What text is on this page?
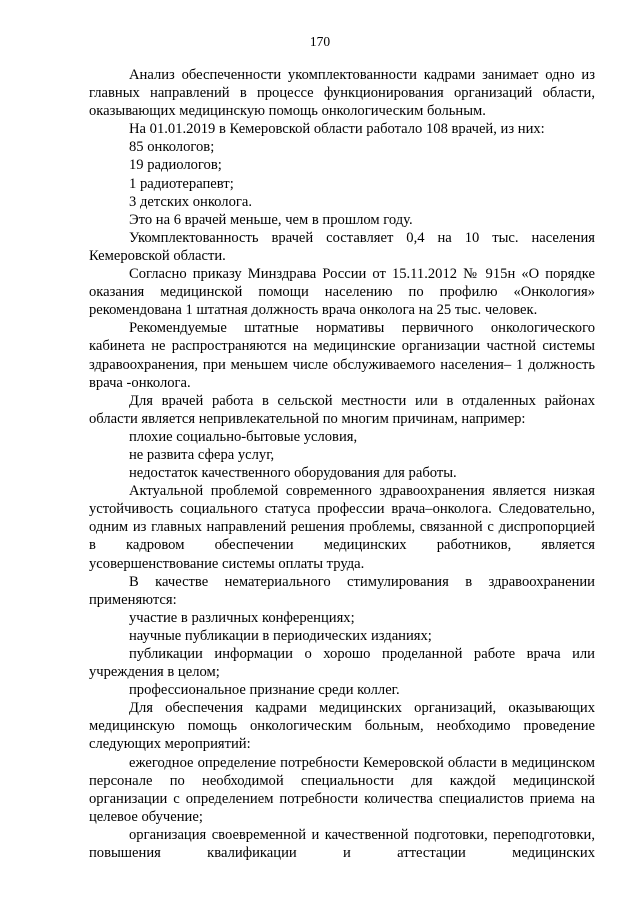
170

Анализ обеспеченности укомплектованности кадрами занимает одно из главных направлений в процессе функционирования организаций области, оказывающих медицинскую помощь онкологическим больным.

На 01.01.2019 в Кемеровской области работало 108 врачей, из них:

85 онкологов;

19 радиологов;

1 радиотерапевт;

3 детских онколога.

Это на 6 врачей меньше, чем в прошлом году.

Укомплектованность врачей составляет 0,4 на 10 тыс. населения Кемеровской области.

Согласно приказу Минздрава России от 15.11.2012 № 915н «О порядке оказания медицинской помощи населению по профилю «Онкология» рекомендована 1 штатная должность врача онколога на 25 тыс. человек.

Рекомендуемые штатные нормативы первичного онкологического кабинета не распространяются на медицинские организации частной системы здравоохранения, при меньшем числе обслуживаемого населения– 1 должность врача -онколога.

Для врачей работа в сельской местности или в отдаленных районах области является непривлекательной по многим причинам, например:

плохие социально-бытовые условия,

не развита сфера услуг,

недостаток качественного оборудования для работы.

Актуальной проблемой современного здравоохранения является низкая устойчивость социального статуса профессии врача–онколога. Следовательно, одним из главных направлений решения проблемы, связанной с диспропорцией в кадровом обеспечении медицинских работников, является усовершенствование системы оплаты труда.

В качестве нематериального стимулирования в здравоохранении применяются:

участие в различных конференциях;

научные публикации в периодических изданиях;

публикации информации о хорошо проделанной работе врача или учреждения в целом;

профессиональное признание среди коллег.

Для обеспечения кадрами медицинских организаций, оказывающих медицинскую помощь онкологическим больным, необходимо проведение следующих мероприятий:

ежегодное определение потребности Кемеровской области в медицинском персонале по необходимой специальности для каждой медицинской организации с определением потребности количества специалистов приема на целевое обучение;

организация своевременной и качественной подготовки, переподготовки, повышения квалификации и аттестации медицинских
